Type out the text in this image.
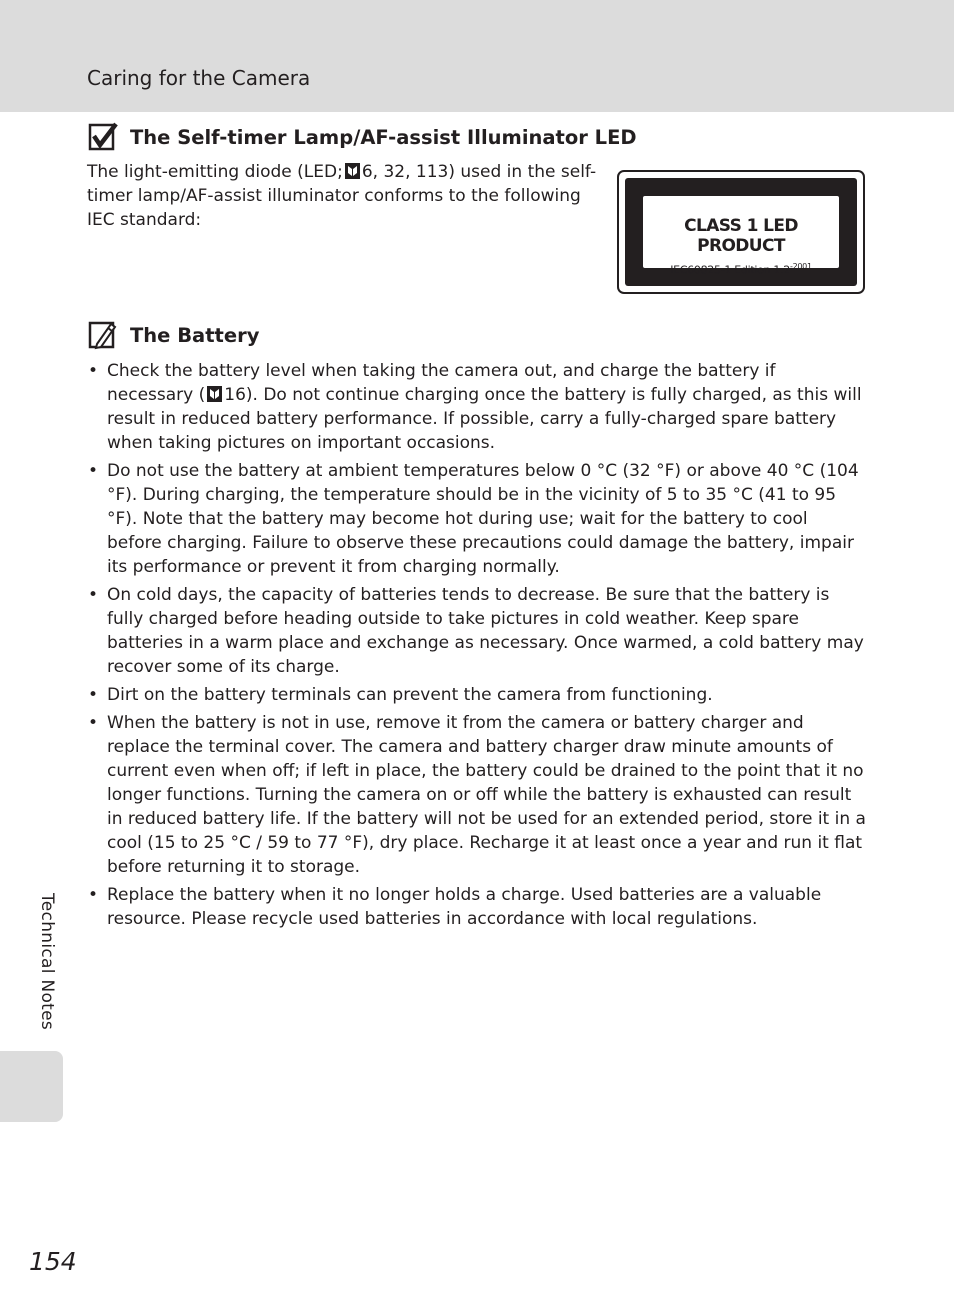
Caring for the Camera
The Self-timer Lamp/AF-assist Illuminator LED

The light-emitting diode (LED; 6, 32, 113) used in the self-timer lamp/AF-assist illuminator conforms to the following IEC standard:	CLASS 1 LED PRODUCT
IEC60825-1 Edition $1.2^{-2001}$
The Battery
• Check the battery level when taking the camera out, and charge the battery if necessary ( 16). Do not continue charging once the battery is fully charged, as this will result in reduced battery performance. If possible, carry a fully-charged spare battery when taking pictures on important occasions.
• Do not use the battery at ambient temperatures below 0 °C (32 °F) or above 40 °C (104 °F). During charging, the temperature should be in the vicinity of 5 to 35 °C (41 to 95 °F). Note that the battery may become hot during use; wait for the battery to cool before charging. Failure to observe these precautions could damage the battery, impair its performance or prevent it from charging normally.
• On cold days, the capacity of batteries tends to decrease. Be sure that the battery is fully charged before heading outside to take pictures in cold weather. Keep spare batteries in a warm place and exchange as necessary. Once warmed, a cold battery may recover some of its charge.
• Dirt on the battery terminals can prevent the camera from functioning.
• When the battery is not in use, remove it from the camera or battery charger and replace the terminal cover. The camera and battery charger draw minute amounts of current even when off; if left in place, the battery could be drained to the point that it no longer functions. Turning the camera on or off while the battery is exhausted can result in reduced battery life. If the battery will not be used for an extended period, store it in a cool (15 to 25 °C / 59 to 77 °F), dry place. Recharge it at least once a year and run it flat before returning it to storage.
• Replace the battery when it no longer holds a charge. Used batteries are a valuable resource. Please recycle used batteries in accordance with local regulations.
Technical Notes
154
